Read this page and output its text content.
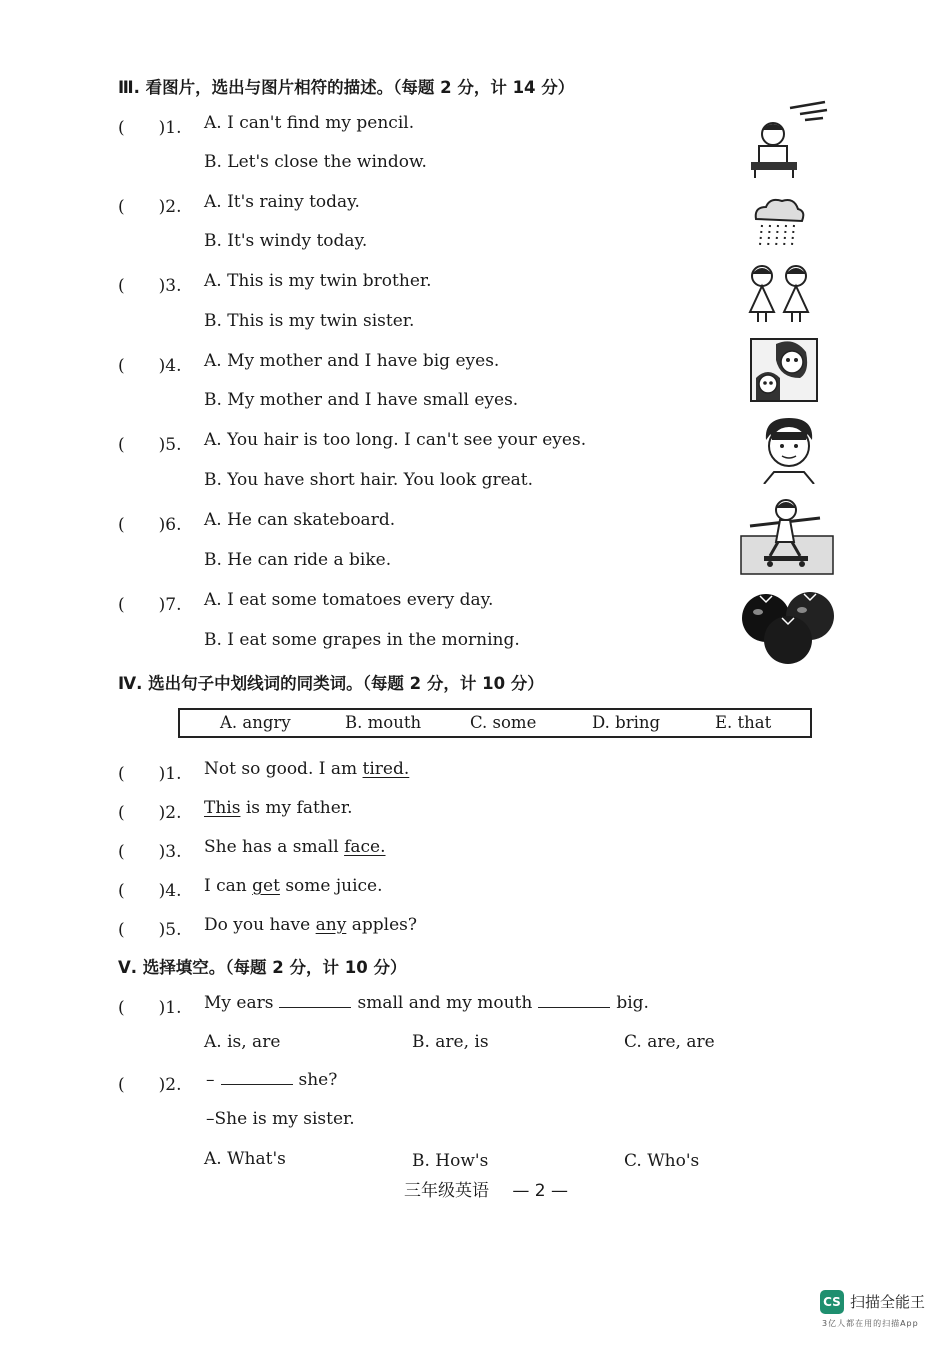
Ⅲ. 看图片，选出与图片相符的描述。（每题 2 分，计 14 分）
(　　)1. A. I can't find my pencil.
B. Let's close the window.
(　　)2. A. It's rainy today.
B. It's windy today.
(　　)3. A. This is my twin brother.
B. This is my twin sister.
(　　)4. A. My mother and I have big eyes.
B. My mother and I have small eyes.
(　　)5. A. You hair is too long. I can't see your eyes.
B. You have short hair. You look great.
(　　)6. A. He can skateboard.
B. He can ride a bike.
(　　)7. A. I eat some tomatoes every day.
B. I eat some grapes in the morning.
Ⅳ. 选出句子中划线词的同类词。（每题 2 分，计 10 分）
A. angry	B. mouth	C. some	D. bring	E. that
(　　)1. Not so good. I am tired.
(　　)2. This is my father.
(　　)3. She has a small face.
(　　)4. I can get some juice.
(　　)5. Do you have any apples?
Ⅴ. 选择填空。（每题 2 分，计 10 分）
(　　)1. My ears	small and my mouth	big.
A. is, are	B. are, is	C. are, are
(　　)2. –	she?
–She is my sister.
A. What's	B. How's	C. Who's
三年级英语 — 2 —
CS 扫描全能王
3亿人都在用的扫描App
